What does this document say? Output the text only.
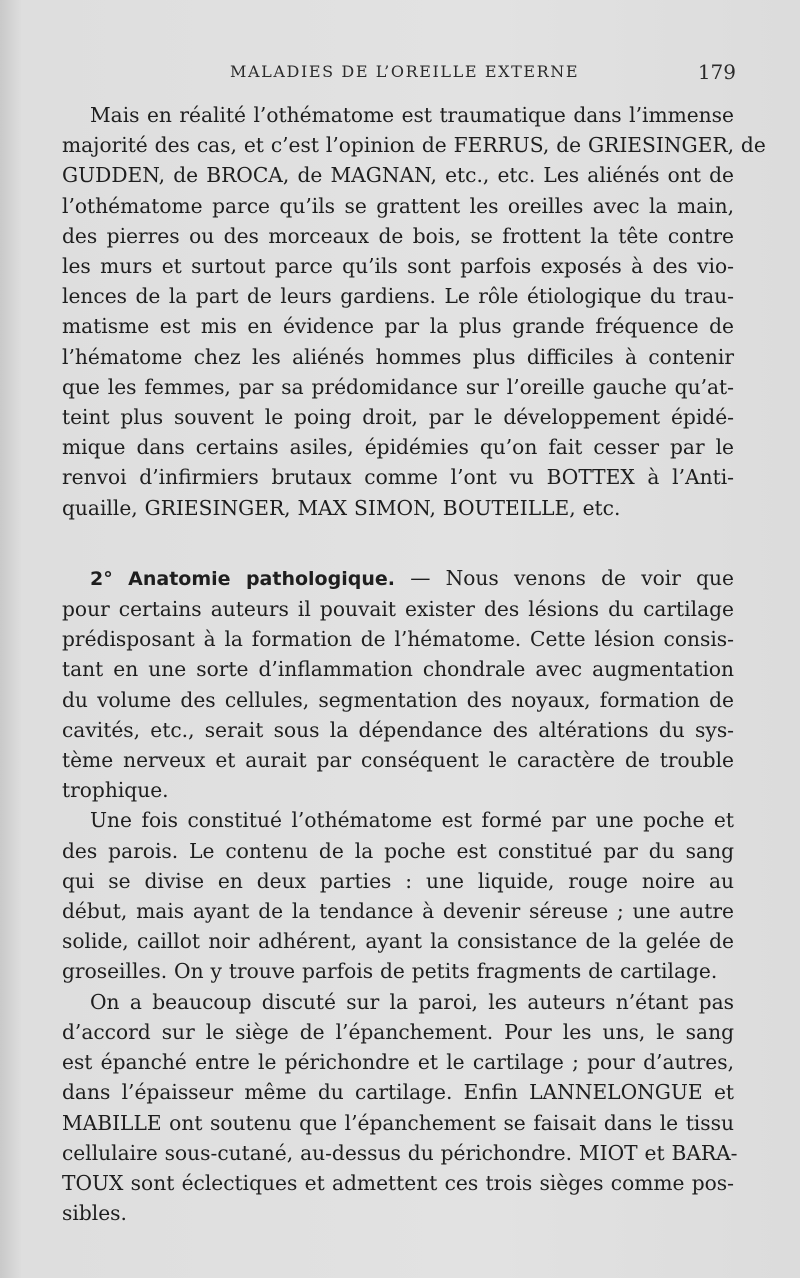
MALADIES DE L’OREILLE EXTERNE	179

Mais en réalité l’othématome est traumatique dans l’immense
majorité des cas, et c’est l’opinion de FERRUS, de GRIESINGER, de
GUDDEN, de BROCA, de MAGNAN, etc., etc. Les aliénés ont de
l’othématome parce qu’ils se grattent les oreilles avec la main,
des pierres ou des morceaux de bois, se frottent la tête contre
les murs et surtout parce qu’ils sont parfois exposés à des vio-
lences de la part de leurs gardiens. Le rôle étiologique du trau-
matisme est mis en évidence par la plus grande fréquence de
l’hématome chez les aliénés hommes plus difficiles à contenir
que les femmes, par sa prédomidance sur l’oreille gauche qu’at-
teint plus souvent le poing droit, par le développement épidé-
mique dans certains asiles, épidémies qu’on fait cesser par le
renvoi d’infirmiers brutaux comme l’ont vu BOTTEX à l’Anti-
quaille, GRIESINGER, MAX SIMON, BOUTEILLE, etc.

2° Anatomie pathologique. — Nous venons de voir que
pour certains auteurs il pouvait exister des lésions du cartilage
prédisposant à la formation de l’hématome. Cette lésion consis-
tant en une sorte d’inflammation chondrale avec augmentation
du volume des cellules, segmentation des noyaux, formation de
cavités, etc., serait sous la dépendance des altérations du sys-
tème nerveux et aurait par conséquent le caractère de trouble
trophique.

Une fois constitué l’othématome est formé par une poche et
des parois. Le contenu de la poche est constitué par du sang
qui se divise en deux parties : une liquide, rouge noire au
début, mais ayant de la tendance à devenir séreuse ; une autre
solide, caillot noir adhérent, ayant la consistance de la gelée de
groseilles. On y trouve parfois de petits fragments de cartilage.

On a beaucoup discuté sur la paroi, les auteurs n’étant pas
d’accord sur le siège de l’épanchement. Pour les uns, le sang
est épanché entre le périchondre et le cartilage ; pour d’autres,
dans l’épaisseur même du cartilage. Enfin LANNELONGUE et
MABILLE ont soutenu que l’épanchement se faisait dans le tissu
cellulaire sous-cutané, au-dessus du périchondre. MIOT et BARA-
TOUX sont éclectiques et admettent ces trois sièges comme pos-
sibles.
